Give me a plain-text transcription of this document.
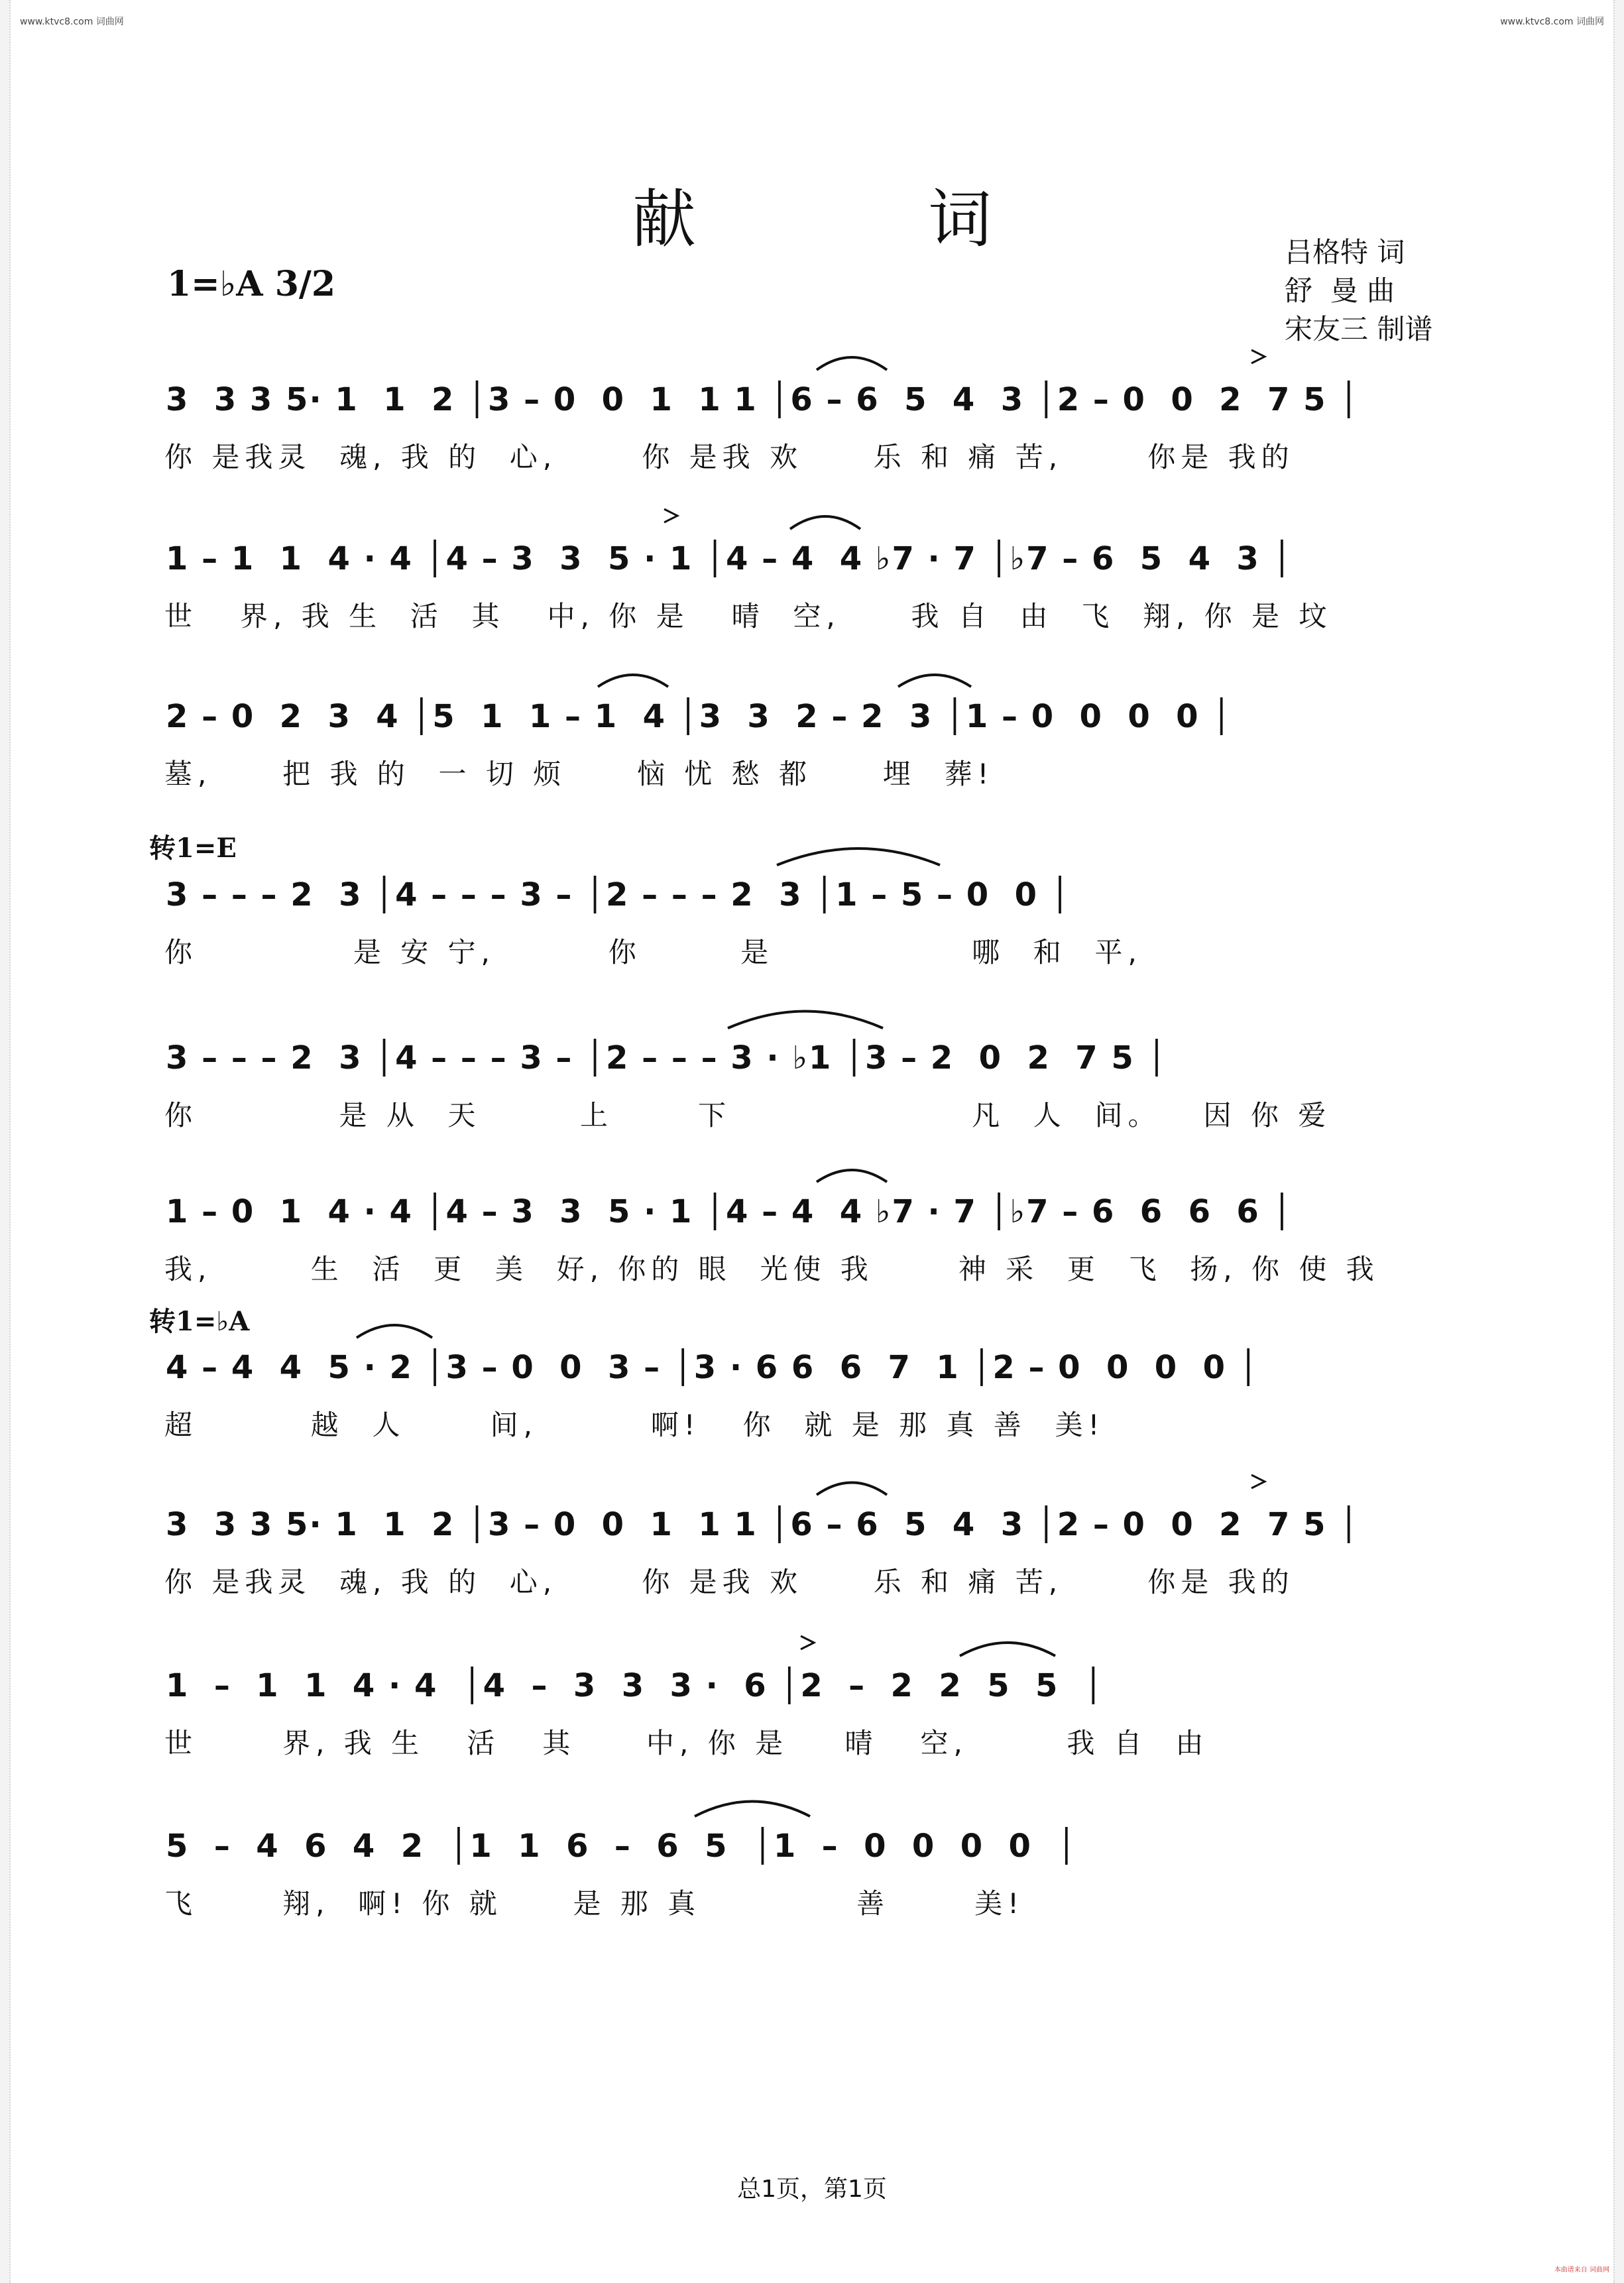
www.ktvc8.com 词曲网	www.ktvc8.com 词曲网
献 词
1=♭A 3/2
吕格特 词
舒  曼 曲
宋友三 制谱
3  3 3 5· 1  1  2 │3 – 0  0  1  1 1 │6 – 6  5  4  3 │2 – 0  0  2  7 5 │
你 是我灵  魂, 我 的  心,      你 是我 欢     乐 和 痛 苦,      你是 我的
1 – 1  1  4 · 4 │4 – 3  3  5 · 1 │4 – 4  4 ♭7 · 7 │♭7 – 6  5  4  3 │
世   界, 我 生  活  其   中, 你 是   晴  空,     我 自  由  飞  翔, 你 是 坟
2 – 0  2  3  4 │5  1  1 – 1  4 │3  3  2 – 2  3 │1 – 0  0  0  0 │
墓,     把 我 的  一 切 烦     恼 忧 愁 都     埋  葬!
转1=E
3 – – – 2  3 │4 – – – 3 – │2 – – – 2  3 │1 – 5 – 0  0 │
你           是 安 宁,        你       是              哪  和  平,
3 – – – 2  3 │4 – – – 3 – │2 – – – 3 · ♭1 │3 – 2  0  2  7 5 │
你          是 从  天       上      下                 凡  人  间。   因 你 爱
1 – 0  1  4 · 4 │4 – 3  3  5 · 1 │4 – 4  4 ♭7 · 7 │♭7 – 6  6  6  6 │
我,       生  活  更  美  好, 你的 眼  光使 我      神 采  更  飞  扬, 你 使 我
转1=♭A
4 – 4  4  5 · 2 │3 – 0  0  3 – │3 · 6 6  6  7  1 │2 – 0  0  0  0 │
超        越  人      间,        啊!   你  就 是 那 真 善  美!
3  3 3 5· 1  1  2 │3 – 0  0  1  1 1 │6 – 6  5  4  3 │2 – 0  0  2  7 5 │
你 是我灵  魂, 我 的  心,      你 是我 欢     乐 和 痛 苦,      你是 我的
1  –  1  1  4 · 4  │4  –  3  3  3 ·  6 │2  –  2  2  5  5  │
世      界, 我 生   活   其     中, 你 是    晴   空,       我 自  由
5  –  4  6  4  2  │1  1  6  –  6  5  │1  –  0  0  0  0  │
飞      翔,  啊! 你 就     是 那 真           善      美!
总1页，第1页
本曲谱来自 词曲网
